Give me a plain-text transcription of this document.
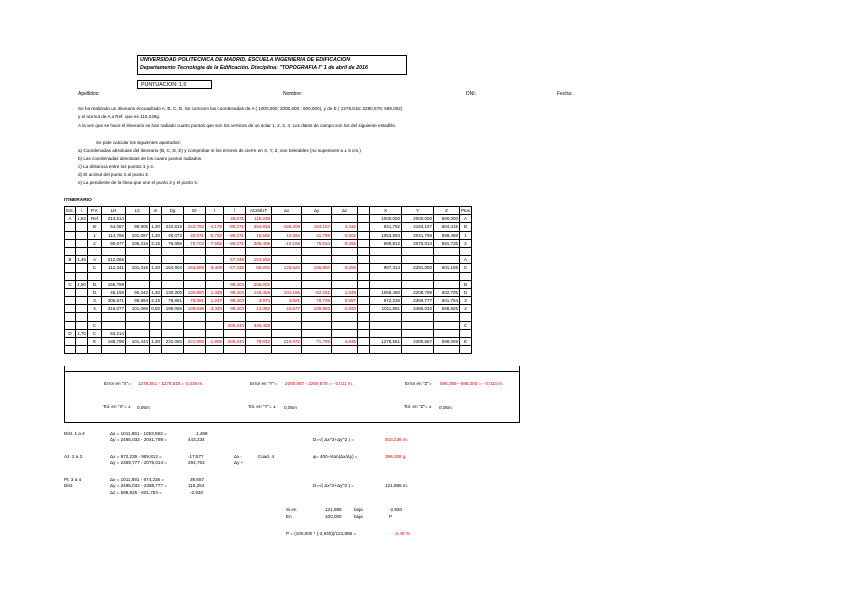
UNIVERSIDAD POLITECNICA DE MADRID. ESCUELA INGENIERIA DE EDIFICACION
Departamento Tecnología de la Edificación. Disciplina: "TOPOGRAFIA I" 1 de abril de 2016
PUNTUACION: 1,5
Apellidos:	Nombre:	DNI:	Fecha:
Se ha realizado un itinerario encuadrado A, B, C, D. Se conocen las coordenadas de A ( 1000,000; 2000,000 ; 600,000), y de E ( 1278,515; 2280,578; 598,002)
y el acimut de A a Ref. que es 115,249g.
A la vez que se hace el itinerario se han radiado cuatro puntos que son los vertices de un solar 1, 2, 3, 4. Los datos de campo son los del siguiente estadillo.
Se pide calcular los siguientes apartados:
a) Coordenadas absolutas del itinerario (B, C, D, E) y comprobar si los errores de cierre en X, Y, Z, son tolerables (no superiores a ± 5 cm.)
b) Las coordenadas absolutas de los cuatro puntos radiados.
c) La distancia entre los puntos 1 y 4.
d) El acimut del punto 2 al punto 3.
e) La pendiente de la línea que une el punto 3 y el punto 4.
ITINERARIO
Est.	i	P.V.	LH	LC	m	Dg	Dr	t	l	ACIMUT	Δx	Δy	Δz		X	Y	Z	Ptos
A	1,54	Ref	214,514						49,271	115,249					1000,000	2000,000	600,000	A
		B	54,087	98,905	1,30	242,819	242,783	-4,176	-90,271	354,816	-158,208	184,157	4,416		841,792	2184,157	604,416	B
		1	114,786	101,097	1,30	40,073	40,071	-0,742	-90,271	15,555	10,593	41,798	-0,502		1053,593	2041,798	599,498	1
		2	90,677	106,416	2,15	76,086	75,703	-7,655	-90,271	305,406	-10,188	75,014	-8,265		989,812	2075,014	591,735	2

B	1,45	A	212,065						57,249	154,816								A
		C	112,341	101,316	1,30	164,904	164,869	-3,409	-57,249	55,002	125,523	106,850	-3,259		967,314	2291,050	601,158	C

C	1,50	B	156,789						98,303	255,002								B
		D	45,155	99,342	1,30	130,300	130,883	1,348	98,303	145,458	101,166	-82,251	1,548		1068,480	2208,799	602,705	D
		3	305,671	98,994	2,15	78,891	78,881	1,247	98,303	3,974	4,921	78,728	0,597		972,235	2369,777	601,754	3
		4	316,077	101,066	0,50	199,066	199,038	-3,333	98,303	14,382	44,577	199,983	-2,933		1011,891	2485,032	598,825	4

		C							200,244	345,458								C
D	1,70	C	53,214															
		E	188,798	101,444	1,30	222,050	221,995	-1,906	200,244	79,042	210,072	71,769	-4,636		1278,551	2280,567	598,069	E

Error en "X"= 1278,551 - 1278,515 = 0,036 m.	Error en "Y"= 2280,567 - 2280,578 = - 0,011 m.	Error en "Z"= 598,069 - 598,002 = - 0,023 m.
Tol. en "X"= ± 0,05m	Tol. en "Y"= ± 0,05m	Tol. en "Z"= ± 0,05m
Dist. 1 a 4	Δx = 1011,891 - 1053,593 =	1,498
Δy = 2485,032 - 2041,798 =	443,234	D=√( Δx^2+Δy^2 ) =	443,236 m.
Az. 2 a 3	Δx = 972,235 - 989,812 =	-17,577
Δy = 2369,777 - 2075,014 =	294,763
Δx -
Δy +
Cuad. 4	φ= 400-Atan(Δx/Δy) =	396,208 g.
Pt. 3 a 4
Dist.
Δx = 1011,891 - 974,235 =	39,657
Δy = 2485,032 - 2369,777 =	115,254
Δz = 598,825 - 601,754 =	-2,930
D=√( Δx^2+Δy^2 ) =	121,886 m.
Si en	121,886	baja	-2,930
En	100,000	baja	P
P = (100,000 * (-2,930))/121,886 =	-2,40 %
